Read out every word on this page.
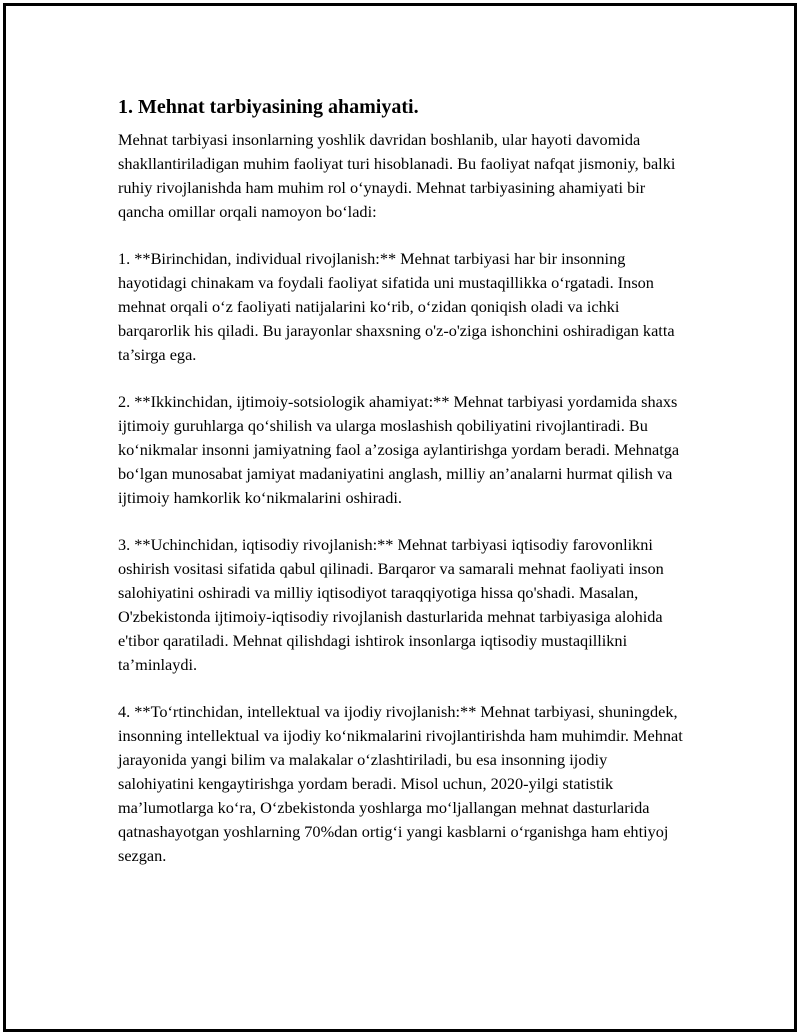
1. Mehnat tarbiyasining ahamiyati.

Mehnat tarbiyasi insonlarning yoshlik davridan boshlanib, ular hayoti davomida shakllantiriladigan muhim faoliyat turi hisoblanadi. Bu faoliyat nafqat jismoniy, balki ruhiy rivojlanishda ham muhim rol o‘ynaydi. Mehnat tarbiyasining ahamiyati bir qancha omillar orqali namoyon bo‘ladi:

1. **Birinchidan, individual rivojlanish:** Mehnat tarbiyasi har bir insonning hayotidagi chinakam va foydali faoliyat sifatida uni mustaqillikka o‘rgatadi. Inson mehnat orqali o‘z faoliyati natijalarini ko‘rib, o‘zidan qoniqish oladi va ichki barqarorlik his qiladi. Bu jarayonlar shaxsning o'z-o'ziga ishonchini oshiradigan katta ta’sirga ega.

2. **Ikkinchidan, ijtimoiy-sotsiologik ahamiyat:** Mehnat tarbiyasi yordamida shaxs ijtimoiy guruhlarga qo‘shilish va ularga moslashish qobiliyatini rivojlantiradi. Bu ko‘nikmalar insonni jamiyatning faol a’zosiga aylantirishga yordam beradi. Mehnatga bo‘lgan munosabat jamiyat madaniyatini anglash, milliy an’analarni hurmat qilish va ijtimoiy hamkorlik ko‘nikmalarini oshiradi.

3. **Uchinchidan, iqtisodiy rivojlanish:** Mehnat tarbiyasi iqtisodiy farovonlikni oshirish vositasi sifatida qabul qilinadi. Barqaror va samarali mehnat faoliyati inson salohiyatini oshiradi va milliy iqtisodiyot taraqqiyotiga hissa qo'shadi. Masalan, O'zbekistonda ijtimoiy-iqtisodiy rivojlanish dasturlarida mehnat tarbiyasiga alohida e'tibor qaratiladi. Mehnat qilishdagi ishtirok insonlarga iqtisodiy mustaqillikni ta’minlaydi.

4. **To‘rtinchidan, intellektual va ijodiy rivojlanish:** Mehnat tarbiyasi, shuningdek, insonning intellektual va ijodiy ko‘nikmalarini rivojlantirishda ham muhimdir. Mehnat jarayonida yangi bilim va malakalar o‘zlashtiriladi, bu esa insonning ijodiy salohiyatini kengaytirishga yordam beradi. Misol uchun, 2020-yilgi statistik ma’lumotlarga ko‘ra, O‘zbekistonda yoshlarga mo‘ljallangan mehnat dasturlarida qatnashayotgan yoshlarning 70%dan ortig‘i yangi kasblarni o‘rganishga ham ehtiyoj sezgan.
